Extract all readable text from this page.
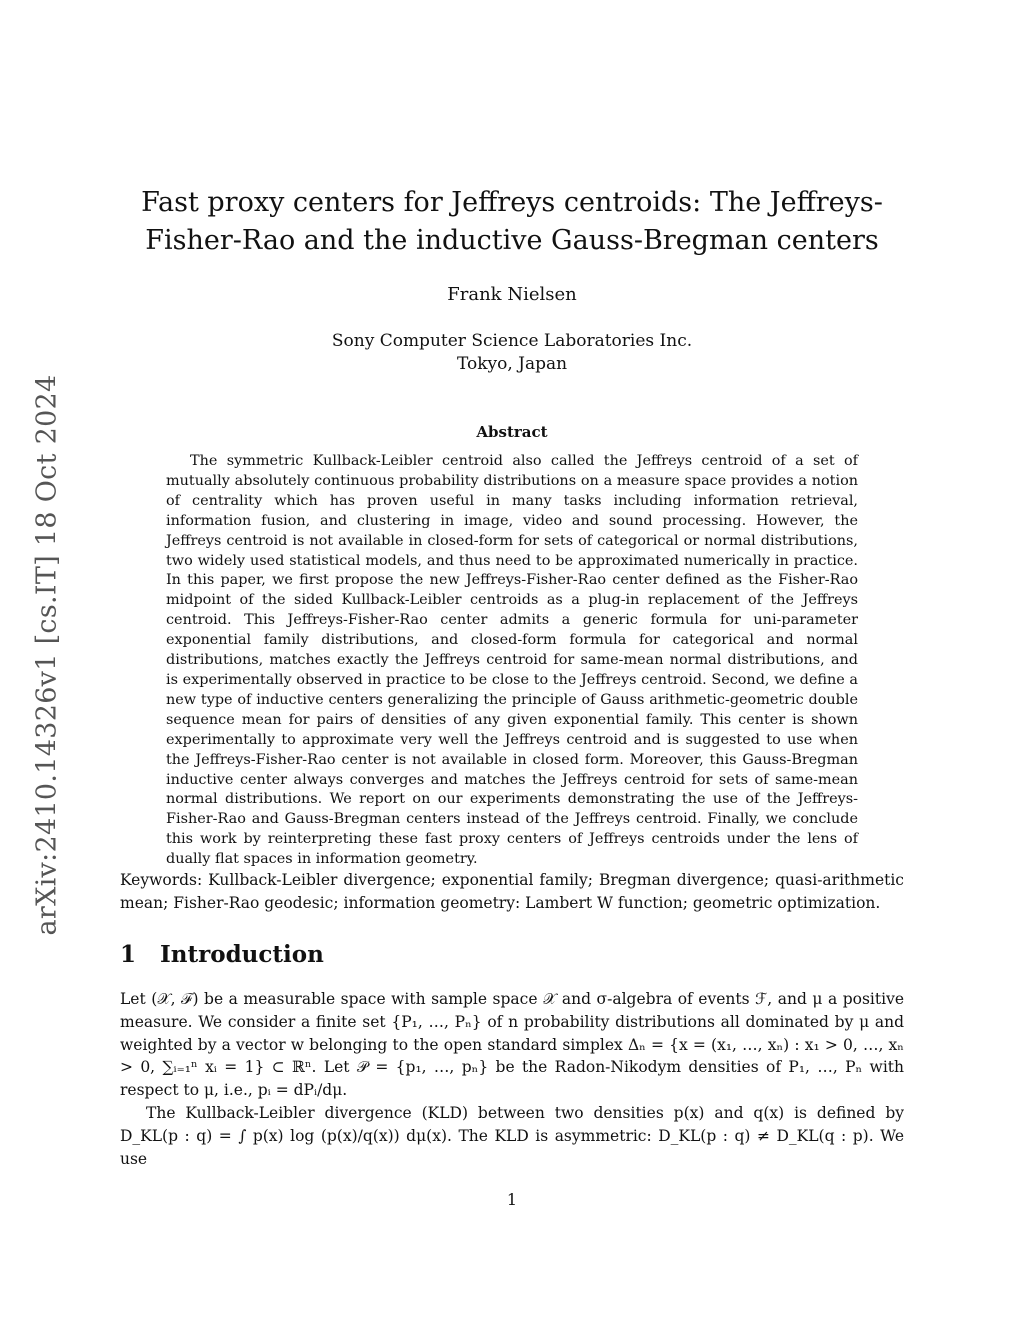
arXiv:2410.14326v1 [cs.IT] 18 Oct 2024
Fast proxy centers for Jeffreys centroids: The Jeffreys-Fisher-Rao and the inductive Gauss-Bregman centers
Frank Nielsen
Sony Computer Science Laboratories Inc.
Tokyo, Japan
Abstract
The symmetric Kullback-Leibler centroid also called the Jeffreys centroid of a set of mutually absolutely continuous probability distributions on a measure space provides a notion of centrality which has proven useful in many tasks including information retrieval, information fusion, and clustering in image, video and sound processing. However, the Jeffreys centroid is not available in closed-form for sets of categorical or normal distributions, two widely used statistical models, and thus need to be approximated numerically in practice. In this paper, we first propose the new Jeffreys-Fisher-Rao center defined as the Fisher-Rao midpoint of the sided Kullback-Leibler centroids as a plug-in replacement of the Jeffreys centroid. This Jeffreys-Fisher-Rao center admits a generic formula for uni-parameter exponential family distributions, and closed-form formula for categorical and normal distributions, matches exactly the Jeffreys centroid for same-mean normal distributions, and is experimentally observed in practice to be close to the Jeffreys centroid. Second, we define a new type of inductive centers generalizing the principle of Gauss arithmetic-geometric double sequence mean for pairs of densities of any given exponential family. This center is shown experimentally to approximate very well the Jeffreys centroid and is suggested to use when the Jeffreys-Fisher-Rao center is not available in closed form. Moreover, this Gauss-Bregman inductive center always converges and matches the Jeffreys centroid for sets of same-mean normal distributions. We report on our experiments demonstrating the use of the Jeffreys-Fisher-Rao and Gauss-Bregman centers instead of the Jeffreys centroid. Finally, we conclude this work by reinterpreting these fast proxy centers of Jeffreys centroids under the lens of dually flat spaces in information geometry.
Keywords: Kullback-Leibler divergence; exponential family; Bregman divergence; quasi-arithmetic mean; Fisher-Rao geodesic; information geometry: Lambert W function; geometric optimization.
1 Introduction

Let (𝒳, ℱ) be a measurable space with sample space 𝒳 and σ-algebra of events ℱ, and μ a positive measure. We consider a finite set {P₁, …, Pₙ} of n probability distributions all dominated by μ and weighted by a vector w belonging to the open standard simplex Δₙ = {x = (x₁, …, xₙ) : x₁ > 0, …, xₙ > 0, ∑ᵢ₌₁ⁿ xᵢ = 1} ⊂ ℝⁿ. Let 𝒫 = {p₁, …, pₙ} be the Radon-Nikodym densities of P₁, …, Pₙ with respect to μ, i.e., pᵢ = dPᵢ/dμ.

The Kullback-Leibler divergence (KLD) between two densities p(x) and q(x) is defined by D_KL(p : q) = ∫ p(x) log (p(x)/q(x)) dμ(x). The KLD is asymmetric: D_KL(p : q) ≠ D_KL(q : p). We use

1
